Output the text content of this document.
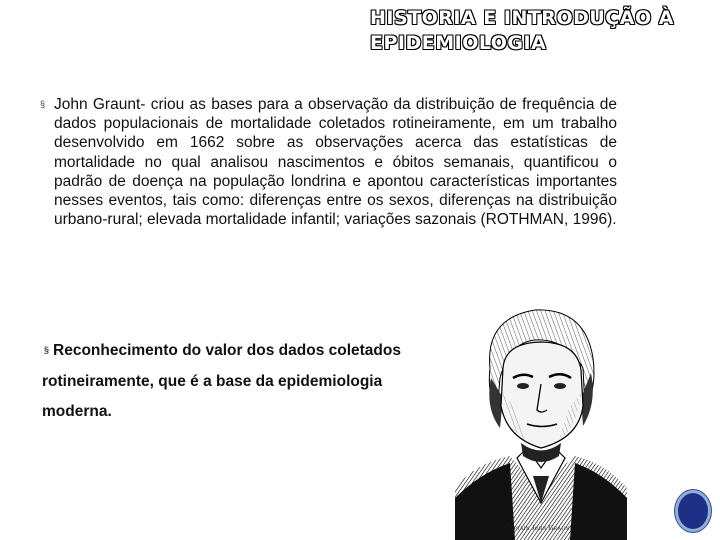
HISTORIA E INTRODUÇÃO À
EPIDEMIOLOGIA
§ John Graunt- criou as bases para a observação da distribuição de frequência de dados populacionais de mortalidade coletados rotineiramente, em um trabalho desenvolvido em 1662 sobre as observações acerca das estatísticas de mortalidade no qual analisou nascimentos e óbitos semanais, quantificou o padrão de doença na população londrina e apontou características importantes nesses eventos, tais como: diferenças entre os sexos, diferenças na distribuição urbano-rural; elevada mortalidade infantil; variações sazonais (ROTHMAN, 1996).
§ Reconhecimento do valor dos dados coletados
rotineiramente, que é a base da epidemiologia
moderna.
Captain John Graunt
